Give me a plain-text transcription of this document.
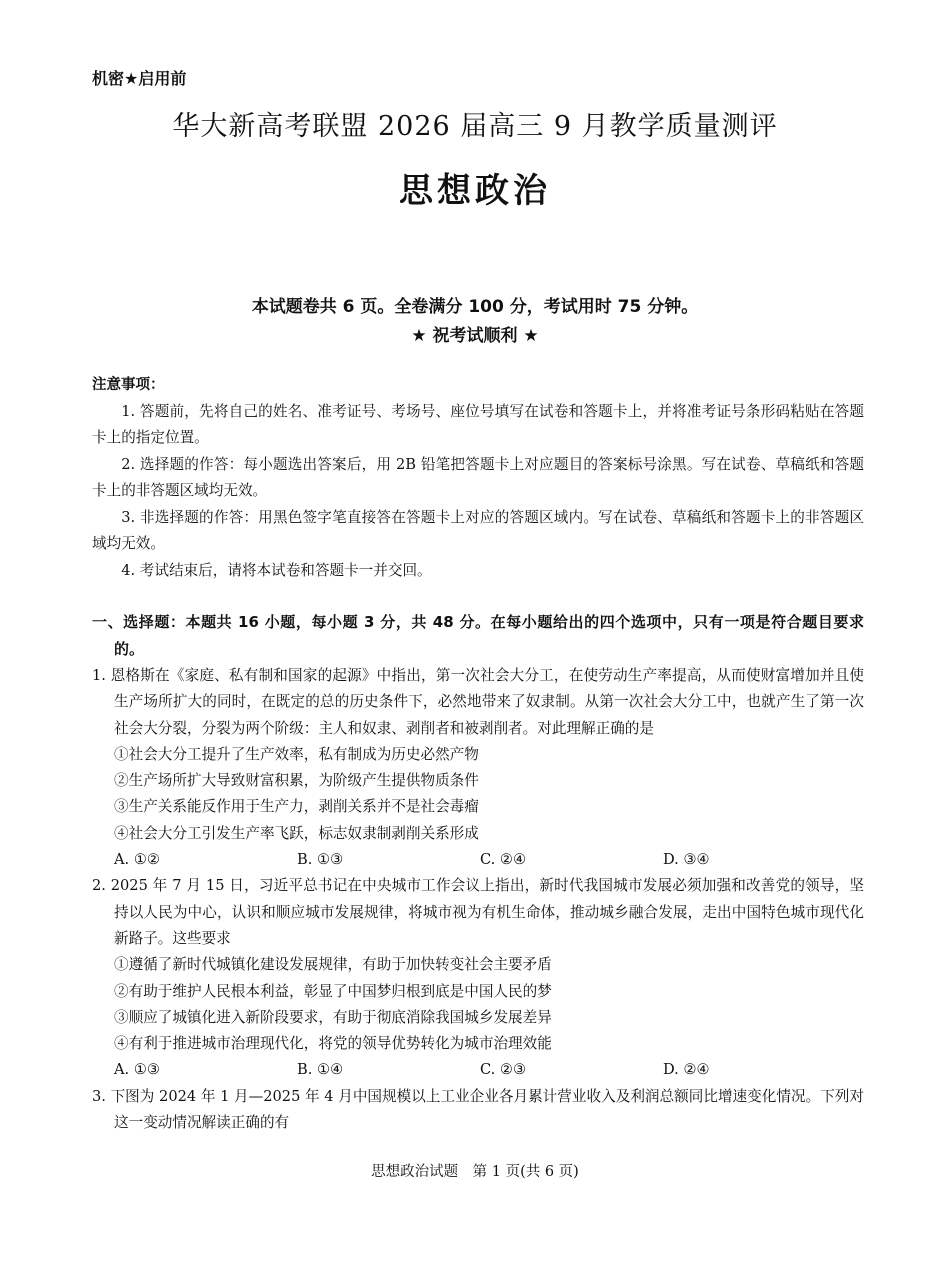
机密★启用前
华大新高考联盟 2026 届高三 9 月教学质量测评
思想政治
本试题卷共 6 页。全卷满分 100 分，考试用时 75 分钟。
★ 祝考试顺利 ★
注意事项：

1. 答题前，先将自己的姓名、准考证号、考场号、座位号填写在试卷和答题卡上，并将准考证号条形码粘贴在答题卡上的指定位置。

2. 选择题的作答：每小题选出答案后，用 2B 铅笔把答题卡上对应题目的答案标号涂黑。写在试卷、草稿纸和答题卡上的非答题区域均无效。

3. 非选择题的作答：用黑色签字笔直接答在答题卡上对应的答题区域内。写在试卷、草稿纸和答题卡上的非答题区域均无效。

4. 考试结束后，请将本试卷和答题卡一并交回。

一、选择题：本题共 16 小题，每小题 3 分，共 48 分。在每小题给出的四个选项中，只有一项是符合题目要求的。

1. 恩格斯在《家庭、私有制和国家的起源》中指出，第一次社会大分工，在使劳动生产率提高，从而使财富增加并且使生产场所扩大的同时，在既定的总的历史条件下，必然地带来了奴隶制。从第一次社会大分工中，也就产生了第一次社会大分裂，分裂为两个阶级：主人和奴隶、剥削者和被剥削者。对此理解正确的是

①社会大分工提升了生产效率，私有制成为历史必然产物

②生产场所扩大导致财富积累，为阶级产生提供物质条件

③生产关系能反作用于生产力，剥削关系并不是社会毒瘤

④社会大分工引发生产率飞跃，标志奴隶制剥削关系形成

A. ①②	B. ①③	C. ②④	D. ③④

2. 2025 年 7 月 15 日，习近平总书记在中央城市工作会议上指出，新时代我国城市发展必须加强和改善党的领导，坚持以人民为中心，认识和顺应城市发展规律，将城市视为有机生命体，推动城乡融合发展，走出中国特色城市现代化新路子。这些要求

①遵循了新时代城镇化建设发展规律，有助于加快转变社会主要矛盾

②有助于维护人民根本利益，彰显了中国梦归根到底是中国人民的梦

③顺应了城镇化进入新阶段要求，有助于彻底消除我国城乡发展差异

④有利于推进城市治理现代化，将党的领导优势转化为城市治理效能

A. ①③	B. ①④	C. ②③	D. ②④

3. 下图为 2024 年 1 月—2025 年 4 月中国规模以上工业企业各月累计营业收入及利润总额同比增速变化情况。下列对这一变动情况解读正确的有

思想政治试题　第 1 页(共 6 页)
